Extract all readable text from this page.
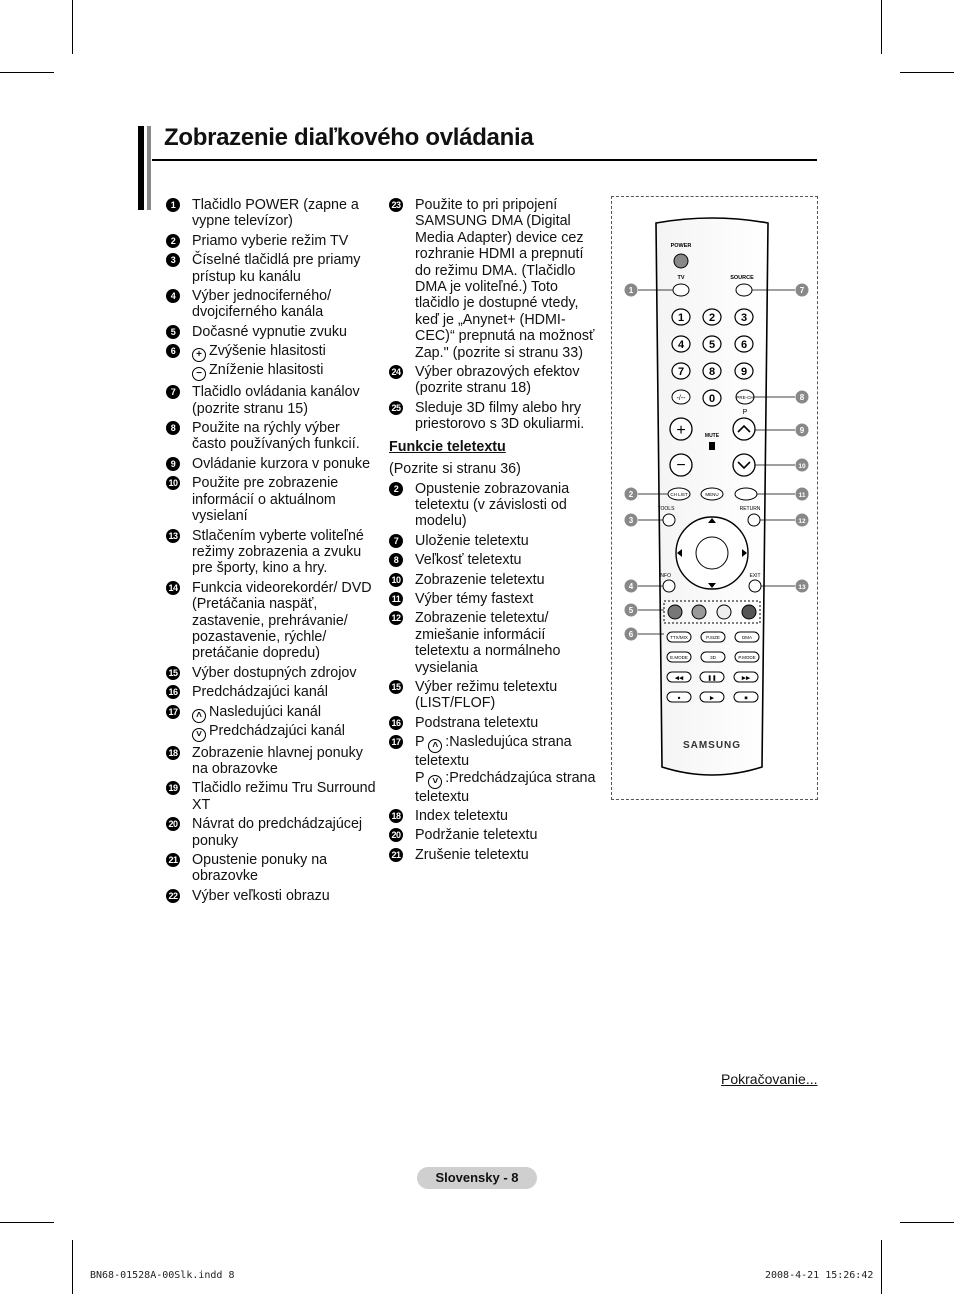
Zobrazenie diaľkového ovládania
1	Tlačidlo POWER (zapne a vypne televízor)
2	Priamo vyberie režim TV
3	Číselné tlačidlá pre priamy prístup ku kanálu
4	Výber jednociferného/ dvojciferného kanála
5	Dočasné vypnutie zvuku
6	+ Zvýšenie hlasitosti
− Zníženie hlasitosti
7	Tlačidlo ovládania kanálov (pozrite stranu 15)
8	Použite na rýchly výber často používaných funkcií.
9	Ovládanie kurzora v ponuke
10 Použite pre zobrazenie informácií o aktuálnom vysielaní
13 Stlačením vyberte voliteľné režimy zobrazenia a zvuku pre športy, kino a hry.
14 Funkcia videorekordér/ DVD (Pretáčania naspäť, zastavenie, prehrávanie/ pozastavenie, rýchle/ pretáčanie dopredu)
15 Výber dostupných zdrojov
16 Predchádzajúci kanál
17	˄ Nasledujúci kanál
˅ Predchádzajúci kanál
18 Zobrazenie hlavnej ponuky na obrazovke
19 Tlačidlo režimu Tru Surround XT
20 Návrat do predchádzajúcej ponuky
21 Opustenie ponuky na obrazovke
22 Výber veľkosti obrazu
23 Použite to pri pripojení SAMSUNG DMA (Digital Media Adapter) device cez rozhranie HDMI a prepnutí do režimu DMA. (Tlačidlo DMA je voliteľné.) Toto tlačidlo je dostupné vtedy, keď je „Anynet+ (HDMI-CEC)“ prepnutá na možnosť Zap." (pozrite si stranu 33)
24 Výber obrazových efektov (pozrite stranu 18)
25 Sleduje 3D filmy alebo hry priestorovo s 3D okuliarmi.
Funkcie teletextu
(Pozrite si stranu 36)
2	Opustenie zobrazovania teletextu (v závislosti od modelu)
7	Uloženie teletextu
8	Veľkosť teletextu
10 Zobrazenie teletextu
11 Výber témy fastext
12 Zobrazenie teletextu/ zmiešanie informácií teletextu a normálneho vysielania
15 Výber režimu teletextu (LIST/FLOF)
16 Podstrana teletextu
17 P ˄ :Nasledujúca strana teletextu
P ˅ :Predchádzajúca strana teletextu
18 Index teletextu
20 Podržanie teletextu
21 Zrušenie teletextu
POWER
TV	SOURCE
1 2 3
4 5 6
7 8 9
0
-/--	PRE-CH
P
+
−
MUTE
CH LIST	MENU
TOOLS	RETURN
INFO	EXIT
TTX/MIX	P.SIZE	DMA
E.MODE	3D	P.MODE
◀◀	❚❚	▶▶
●	▶	■
SAMSUNG
1
2
3
4
5
6
7
8
9
10
11
12
13
Pokračovanie...
Slovensky - 8
BN68-01528A-00Slk.indd 8	2008-4-21 15:26:42
